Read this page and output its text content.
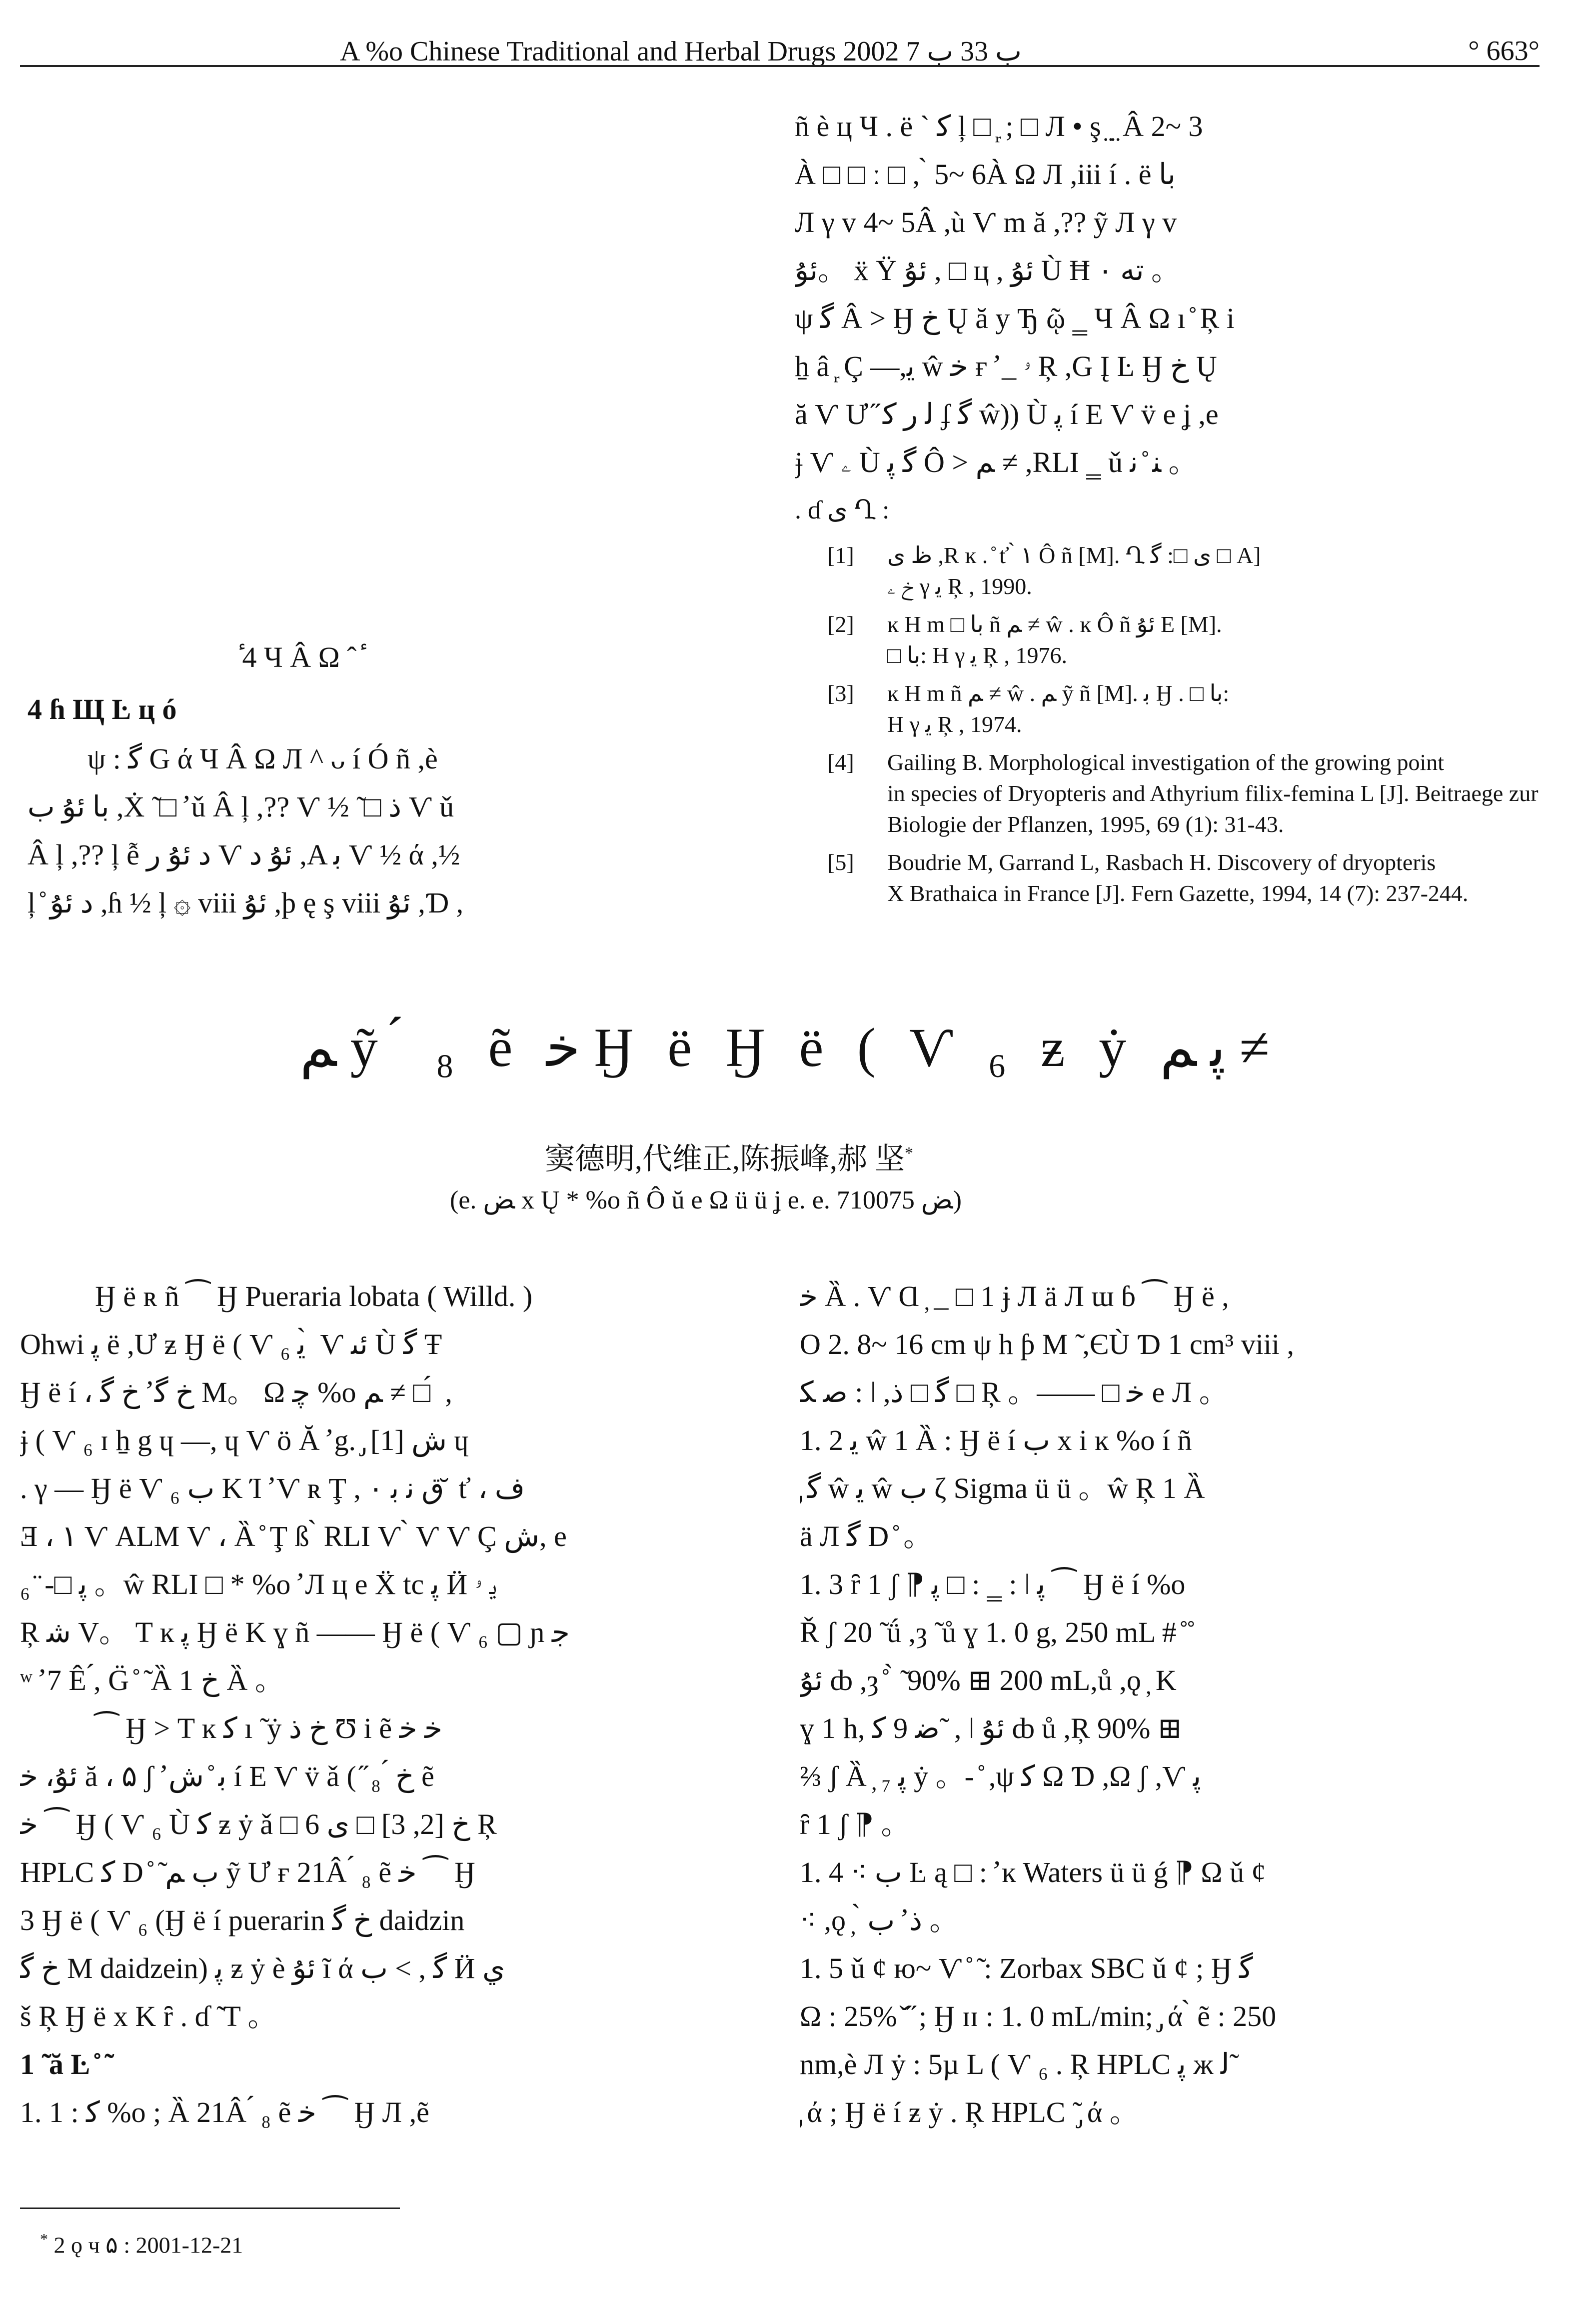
A %o Chinese Traditional and Herbal Drugs 2002 ب 33 ب 7	° 663°
ñ è ц Ч . ë ` ﮐ ļ □ ᷊ ; □ Л • ş ̤ ̤ Â 2~ 3
À □ □ ː □ , ̀ 5~ 6À Ω Л ,iii í . ë ﺑﺎ
Л γ v 4~ 5Â ,ù Ѵ m ă ,?? ỹ Л γ v
ﺋﯘ。 ẍ Ÿ ﺋﯘ , □ ц , ﺋﯘ Ù Ħ ۰ ﺗﻪ 。
ψ ﮔ Â > Ӈ ﺥ Ų ă y Ђ ῷ ‗ Ч Â Ω ı ̊ Ŗ i
ẖ â ᷊ Ç —,ﻳ ŵ ﺧ ғ ̛ _ ۥ Ŗ ,G Į Ŀ Ӈ ﺥ Ų
ă Ѵ Ư ̋ ﻟ ﺭ ﮐ ʄ ﮔ ŵ)) Ù ﭘ í E Ѵ v̈ e ʝ ,e
ɉ Ѵ ۦ Ù ﮔ ﭘ Ô > ﻢ ≠ ,RLI ‗ ǔ ﻨ ̊ ﻧ 。
. ɗ ﯼ Ղ :
[1] ﻅ ﻯ ,R ĸ . ̊ ť ̀ ۱ Ô ñ [M]. Ղ ﻯ □: ﮔ □ A]
ﺥ ۦ γ ﻳ Ŗ , 1990.
[2] ĸ Н m □ ﺑﺎ ñ ﻢ ≠ ŵ . ĸ Ô ñ ﺋﯘ E [M].
□ ﺑﺎ: Н γ ﻳ Ŗ , 1976.
[3] ĸ Н m ñ ﻢ ≠ ŵ . ﻢ ỹ ñ [M]. ﺑ Ӈ . □ ﺑﺎ:
Н γ ﻳ Ŗ , 1974.
[4] Gailing B. Morphological investigation of the growing point
in species of Dryopteris and Athyrium filix-femina L [J]. Beitraege zur Biologie der Pflanzen, 1995, 69 (1): 31-43.
[5] Boudrie M, Garrand L, Rasbach H. Discovery of dryopteris
X Brathaica in France [J]. Fern Gazette, 1994, 14 (7): 237-244.
ٔ 4 Ч Â Ω ˆ ٔ
4 ɦ Щ Ŀ ц ó
ψ : ﮔ G ά Ч Â Ω Л ^ ᴗ í Ó ñ ,è
ﺑﺎ ﺋﯘ ﺏ ,Ẋ ̃ □ ̛ ǔ Â ļ ,?? Ѵ ½ ̃ □ ﺫ Ѵ ǔ
Â ļ ,?? ļ ễ ﺩ ﺋﯘ ﺭ Ѵ ﺋﯘ ﺩ ,A ﺑ Ѵ ½ ά ,½
ļ ̊ ﺩ ﺋﯘ ,ɦ ½ ļ ۞ viii ﺋﯘ ,þ ę ş viii ﺋﯘ ,Ɗ ,
ﻢ ỹ ́ ₈ ẽ ﺧ Ӈ ë Ӈ ë ( Ѵ ₆ ƶ ẏ ﭘ ﻢ ≠
窦德明,代维正,陈振峰,郝 坚*
(e. ﺾ x Ų * %o ñ Ô ŭ e Ω ü ü ʝ e. e. ﺾ 710075)
Ӈ ë ʀ ñ ⁀ Ӈ Pueraria lobata ( Willd. )
Ohwi ﭘ ë ,Ư ƶ Ӈ ë ( Ѵ ₆ ﻳ ̀ Ѵ ﺋﯩ Ù ﮔ Ŧ
Ӈ ë í ، ﺥ ﮔ ̛ ﺥ ﮔ M。 Ω ﭼ %o ﻢ ≠ □ ́ ,
ɉ ( Ѵ ₆ ɪ ẖ g ɥ —, ɥ Ѵ ö Ă ̛ g. ̡ [1] ﺵ ɥ
. γ — Ӈ ë Ѵ ₆ ﺏ K Ί ̛ Ѵ ʀ Ţ , ۰ ﻕ ﻧ ﺑ ̆ ť ، ﻑ
Ǝ ، ۱ Ѵ ALM Ѵ ، Ȁ ̊ Ţ ß ̀ RLI Ѵ ̀ Ѵ Ѵ Ç ﺵ, e
ﭘ □- ̈ ₆ 。ŵ RLI □ * %o ̛ Л ц e Ẍ tc ﭘ Ӥ ﻳ ۥ
Ŗ ﺷ V。 T ĸ ﭘ Ӈ ë K ɣ ñ —— Ӈ ë ( Ѵ ₆ ▢ ɲ ﺟ
ʷ ̛ 7 Ê ́, G̈ ̊ ̃ Ȁ ﺥ 1 Ȁ 。
⁀ Ӈ > T ĸ ﮐ ı ̃ ẏ ﺥ ﺫ Ʊ i ẽ ﺧ ﺧ
ﺋﯘ، ﺧ ă ، ۵ ʃ ̛ ﺑ ̊ ﺵ í E Ѵ v̈ ǎ ( ̋ ﺥ ́ ₈ ẽ
ﺧ ⁀ Ӈ ( Ѵ ₆ Ù ﮐ ƶ ẏ ǎ □ 6 ﺥ [2, 3] □ ﯼ Ŗ
HPLC ﮐ D ̊ ̃ ﺏ ﻢ ỹ Ư ғ 21Â ́ ₈ ẽ ﺧ ⁀ Ӈ
3 Ӈ ë ( Ѵ ₆ (Ӈ ë í puerarin ﺥ ﮔ daidzin
ﺥ ﮔ M daidzein) ﭘ ƶ ẏ è ﺋﯘ ĩ ά ﮔ , > ﺏ Ӥ ﻱ
š Ŗ Ӈ ë x K ȓ . ɗ ̃ T 。
1 ̃ ă Ŀ ̊ ̃
1. 1 : ﮐ %o ; Ȁ 21Â ́ ₈ ẽ ﺧ ⁀ Ӈ Л ,ẽ
ﺧ Ȁ . Ѵ Ɑ ̦ _ □ 1 ɉ Л ä Л ɯ ɓ ⁀ Ӈ ë ,
O 2. 8~ 16 cm ψ h ƥ M ̃ ,ЄÙ Ɗ 1 cm³ viii ,
ﺻ ﮑ : ǀ ,ﮔ □ ﺫ □ Ŗ 。—— □ ﺧ e Л 。
1. 2 ﻳ ŵ 1 Ȁ : Ӈ ë í ﺏ x i ĸ %o í ñ
̡ ﮔ ŵ ﻳ ŵ ﺏ ζ Sigma ü ü 。ŵ Ŗ 1 Ȁ
ä Л ﮔ D ̊ 。
1. 3 ȓ 1 ʃ ⁋ ﭘ □ : ‗ : ǀ ﭘ ⁀ Ӈ ë í %o
Ř ʃ 20 ̃ ǘ ,ȝ ̃ ů ɣ 1. 0 g, 250 mL # ̊ ̊
ﺋﯘ ȸ ,ȝ ̊ ̀ ̃ 90% ⊞ 200 mL,ů ,ǫ ̦ K
ɣ 1 h, ﺿ 9 ﮐ ̃ , ǀ ﺋﯘ ȸ ů ,Ŗ 90% ⊞
⅔ ʃ Ȁ ̦ ₇ ﭘ ẏ 。- ̊ ,ψ ﮐ Ω Ɗ ,Ω ʃ ,Ѵ ﭘ
ȓ 1 ʃ ⁋ 。
1. 4 ⁖ ﺏ Ŀ ą □ : ̛ ĸ Waters ü ü ǵ ⁋ Ω ǔ ȼ
⁖ ,ǫ ̦ ̀ ﺫ ̛ ﺏ 。
1. 5 ǔ ȼ ю~ Ѵ ̊ ̃ : Zorbax SBC ǔ ȼ ; Ӈ ﮔ
Ω : 25% ̌ ̋ ; Ӈ ɪɪ : 1. 0 mL/min; ̡ ά ̀ ẽ : 250
nm,è Л ẏ : 5µ L ( Ѵ ₆ . Ŗ HPLC ﭘ ж ﻟ ̃
̡ ά ; Ӈ ë í ƶ ẏ . Ŗ HPLC ̃ ̡ ά 。
* 2 ǫ ч ۵ : 2001-12-21
